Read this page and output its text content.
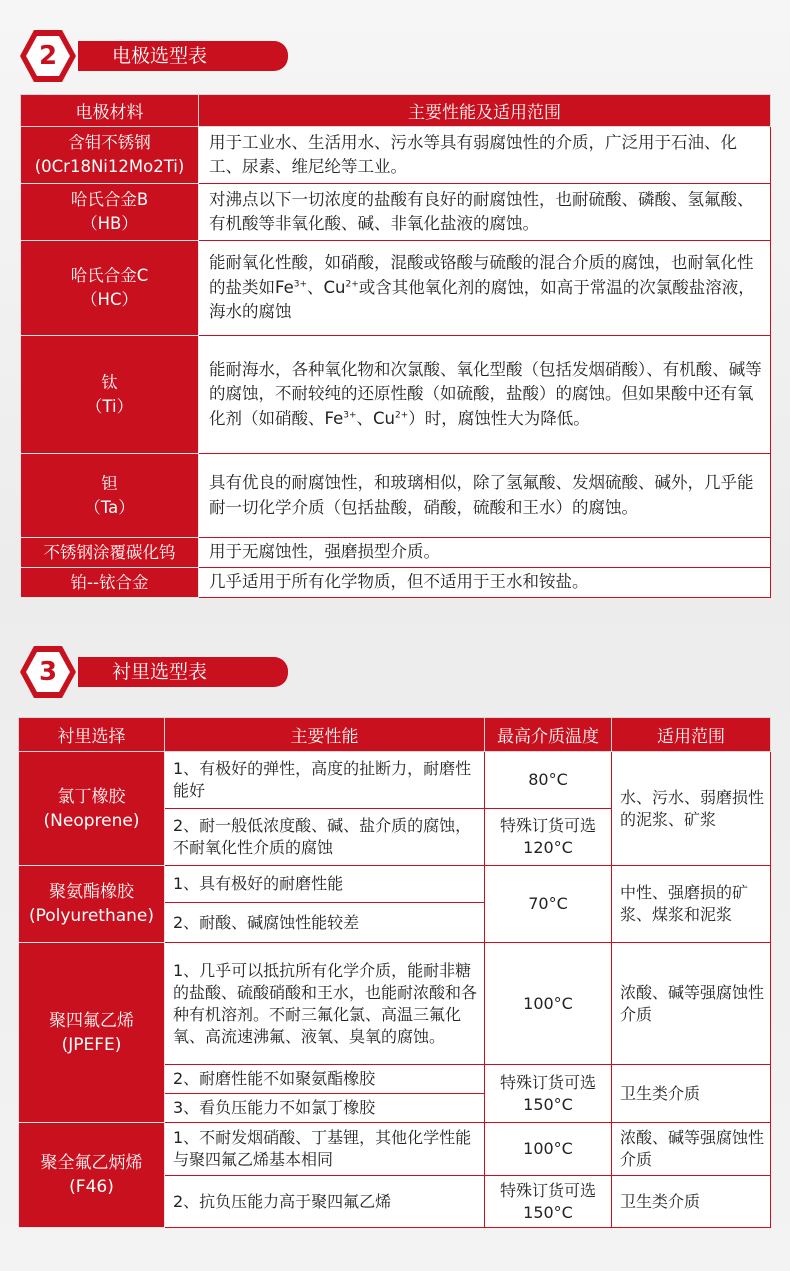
2	电极选型表
电极材料	主要性能及适用范围

含钼不锈钢
(0Cr18Ni12Mo2Ti)	用于工业水、生活用水、污水等具有弱腐蚀性的介质，广泛用于石油、化工、尿素、维尼纶等工业。

哈氏合金B
（HB）	对沸点以下一切浓度的盐酸有良好的耐腐蚀性，也耐硫酸、磷酸、氢氟酸、有机酸等非氧化酸、碱、非氧化盐液的腐蚀。

哈氏合金C
（HC）	能耐氧化性酸，如硝酸，混酸或铬酸与硫酸的混合介质的腐蚀，也耐氧化性的盐类如$Fe^{3+}$、$Cu^{2+}$或含其他氧化剂的腐蚀，如高于常温的次氯酸盐溶液，海水的腐蚀

钛
（Ti）	能耐海水，各种氧化物和次氯酸、氧化型酸（包括发烟硝酸）、有机酸、碱等的腐蚀，不耐较纯的还原性酸（如硫酸，盐酸）的腐蚀。但如果酸中还有氧化剂（如硝酸、$Fe^{3+}$、$Cu^{2+}$）时，腐蚀性大为降低。

钽
（Ta）	具有优良的耐腐蚀性，和玻璃相似，除了氢氟酸、发烟硫酸、碱外，几乎能耐一切化学介质（包括盐酸，硝酸，硫酸和王水）的腐蚀。
不锈钢涂覆碳化钨	用于无腐蚀性，强磨损型介质。
铂--铱合金	几乎适用于所有化学物质，但不适用于王水和铵盐。
3	衬里选型表
衬里选择	主要性能	最高介质温度	适用范围

氯丁橡胶
(Neoprene)	1、有极好的弹性，高度的扯断力，耐磨性能好	80°C	水、污水、弱磨损性的泥浆、矿浆
	2、耐一般低浓度酸、碱、盐介质的腐蚀，不耐氧化性介质的腐蚀	特殊订货可选120°C	

聚氨酯橡胶
(Polyurethane)	1、具有极好的耐磨性能	70°C	中性、强磨损的矿浆、煤浆和泥浆
	2、耐酸、碱腐蚀性能较差		

聚四氟乙烯
(JPEFE)	1、几乎可以抵抗所有化学介质，能耐非糖的盐酸、硫酸硝酸和王水，也能耐浓酸和各种有机溶剂。不耐三氟化氯、高温三氟化氧、高流速沸氟、液氧、臭氧的腐蚀。	100°C	浓酸、碱等强腐蚀性介质
	2、耐磨性能不如聚氨酯橡胶	特殊订货可选150°C	卫生类介质
	3、看负压能力不如氯丁橡胶		

聚全氟乙炳烯
(F46)	1、不耐发烟硝酸、丁基锂，其他化学性能与聚四氟乙烯基本相同	100°C	浓酸、碱等强腐蚀性介质
	2、抗负压能力高于聚四氟乙烯	特殊订货可选150°C	卫生类介质
